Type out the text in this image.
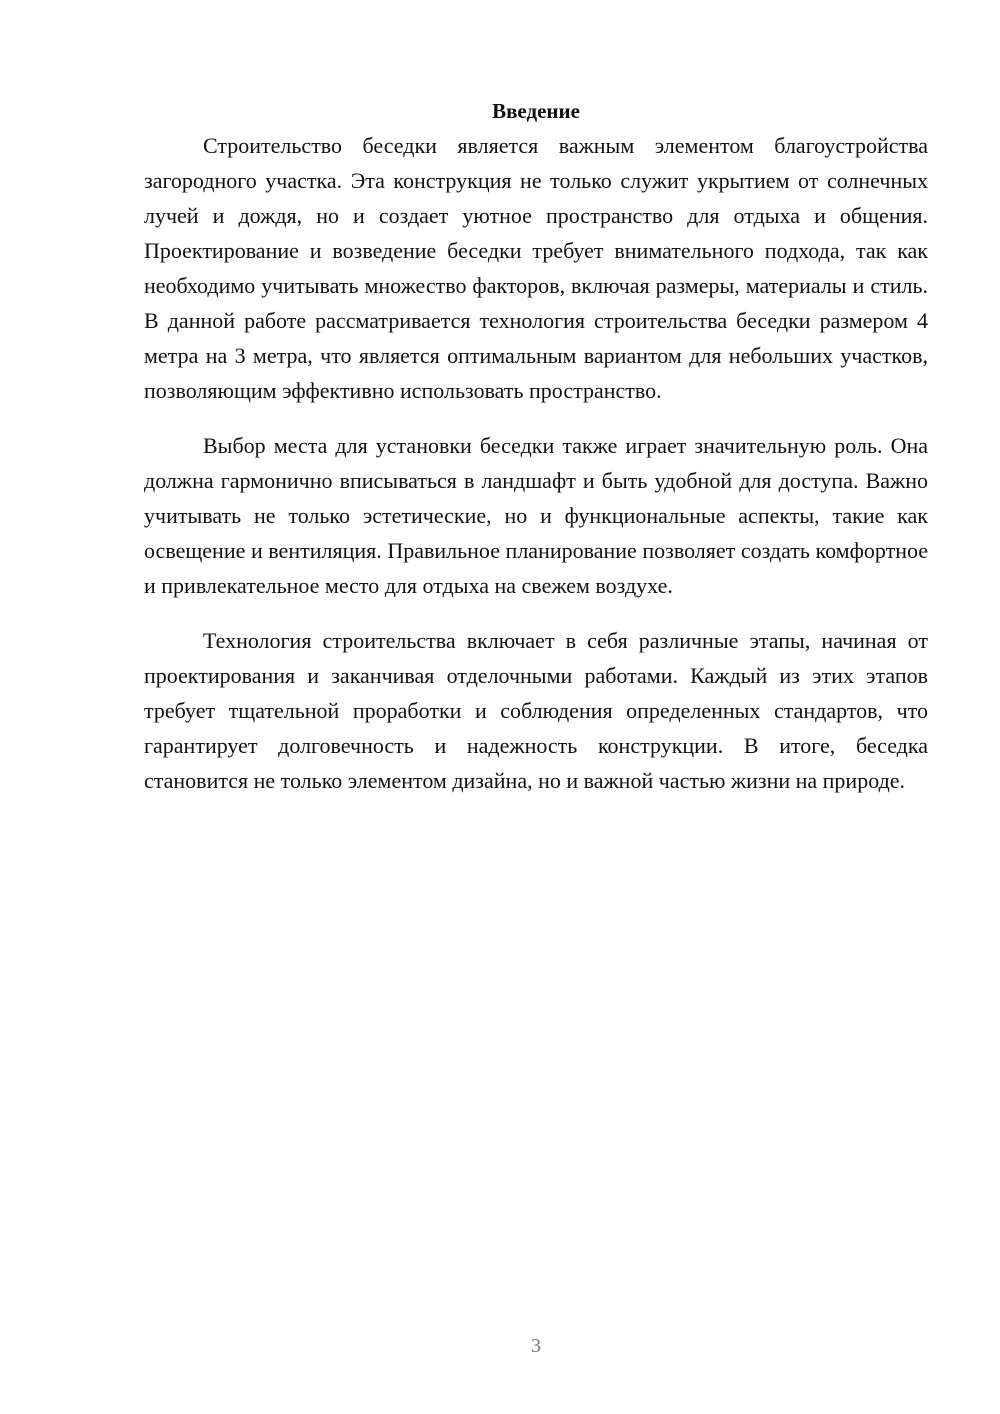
Введение

Строительство беседки является важным элементом благоустройства загородного участка. Эта конструкция не только служит укрытием от солнечных лучей и дождя, но и создает уютное пространство для отдыха и общения. Проектирование и возведение беседки требует внимательного подхода, так как необходимо учитывать множество факторов, включая размеры, материалы и стиль. В данной работе рассматривается технология строительства беседки размером 4 метра на 3 метра, что является оптимальным вариантом для небольших участков, позволяющим эффективно использовать пространство.

Выбор места для установки беседки также играет значительную роль. Она должна гармонично вписываться в ландшафт и быть удобной для доступа. Важно учитывать не только эстетические, но и функциональные аспекты, такие как освещение и вентиляция. Правильное планирование позволяет создать комфортное и привлекательное место для отдыха на свежем воздухе.

Технология строительства включает в себя различные этапы, начиная от проектирования и заканчивая отделочными работами. Каждый из этих этапов требует тщательной проработки и соблюдения определенных стандартов, что гарантирует долговечность и надежность конструкции. В итоге, беседка становится не только элементом дизайна, но и важной частью жизни на природе.

3
